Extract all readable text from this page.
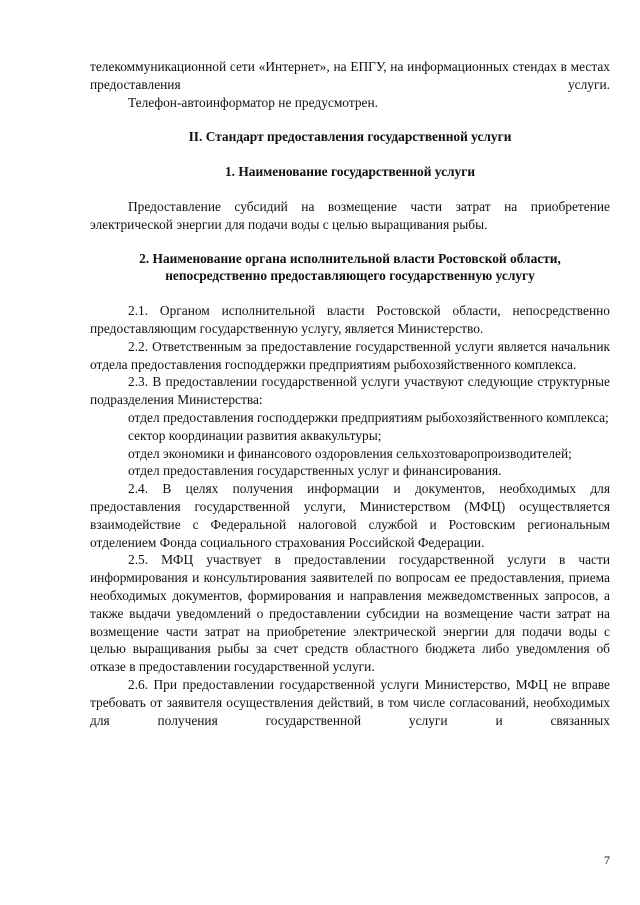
телекоммуникационной сети «Интернет», на ЕПГУ, на информационных стендах в местах предоставления услуги.

Телефон-автоинформатор не предусмотрен.

II. Стандарт предоставления государственной услуги

1. Наименование государственной услуги

Предоставление субсидий на возмещение части затрат на приобретение электрической энергии для подачи воды с целью выращивания рыбы.

2. Наименование органа исполнительной власти Ростовской области,

непосредственно предоставляющего государственную услугу

2.1. Органом исполнительной власти Ростовской области, непосредственно предоставляющим государственную услугу, является Министерство.

2.2. Ответственным за предоставление государственной услуги является начальник отдела предоставления господдержки предприятиям рыбохозяйственного комплекса.

2.3. В предоставлении государственной услуги участвуют следующие структурные подразделения Министерства:

отдел предоставления господдержки предприятиям рыбохозяйственного комплекса;

сектор координации развития аквакультуры;

отдел экономики и финансового оздоровления сельхозтоваропроизводителей;

отдел предоставления государственных услуг и финансирования.

2.4. В целях получения информации и документов, необходимых для предоставления государственной услуги, Министерством (МФЦ) осуществляется взаимодействие с Федеральной налоговой службой и Ростовским региональным отделением Фонда социального страхования Российской Федерации.

2.5. МФЦ участвует в предоставлении государственной услуги в части информирования и консультирования заявителей по вопросам ее предоставления, приема необходимых документов, формирования и направления межведомственных запросов, а также выдачи уведомлений о предоставлении субсидии на возмещение части затрат на возмещение части затрат на приобретение электрической энергии для подачи воды с целью выращивания рыбы за счет средств областного бюджета либо уведомления об отказе в предоставлении государственной услуги.

2.6. При предоставлении государственной услуги Министерство, МФЦ не вправе требовать от заявителя осуществления действий, в том числе согласований, необходимых для получения государственной услуги и связанных

7
